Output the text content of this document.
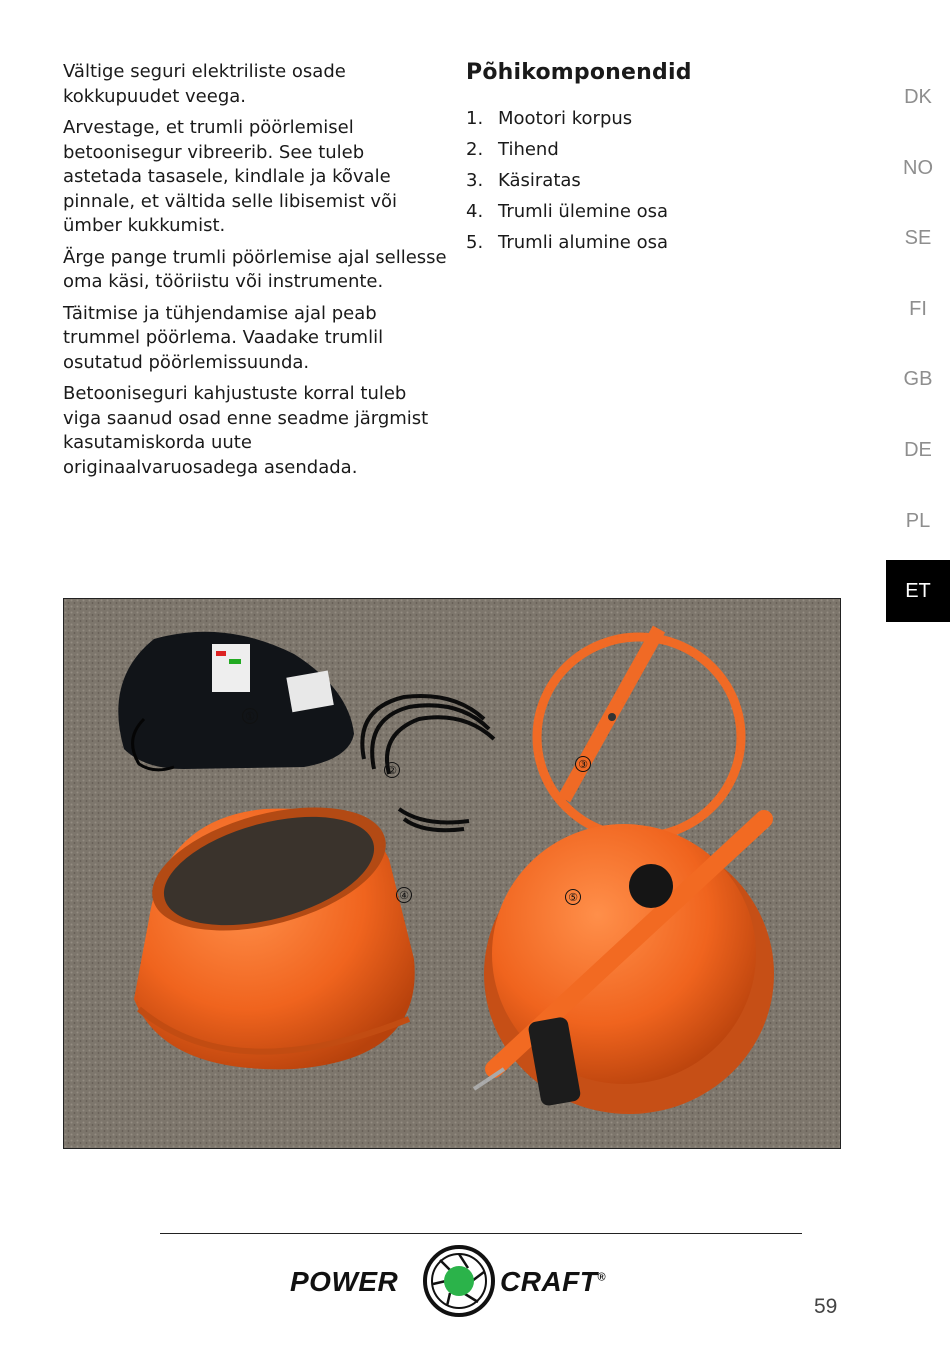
Vältige seguri elektriliste osade kokkupuudet veega.

Arvestage, et trumli pöörlemisel betoonisegur vibreerib. See tuleb astetada tasasele, kindlale ja kõvale pinnale, et vältida selle libisemist või ümber kukkumist.

Ärge pange trumli pöörlemise ajal sellesse oma käsi, tööriistu või instrumente.

Täitmise ja tühjendamise ajal peab trummel pöörlema. Vaadake trumlil osutatud pöörlemissuunda.

Betooniseguri kahjustuste korral tuleb viga saanud osad enne seadme järgmist kasutamiskorda uute originaalvaruosadega asendada.

Põhikomponendid
1. Mootori korpus
2. Tihend
3. Käsiratas
4. Trumli ülemine osa
5. Trumli alumine osa
DK
NO
SE
FI
GB
DE
PL
ET
①
②	③
④	⑤
POWER	CRAFT®
59
